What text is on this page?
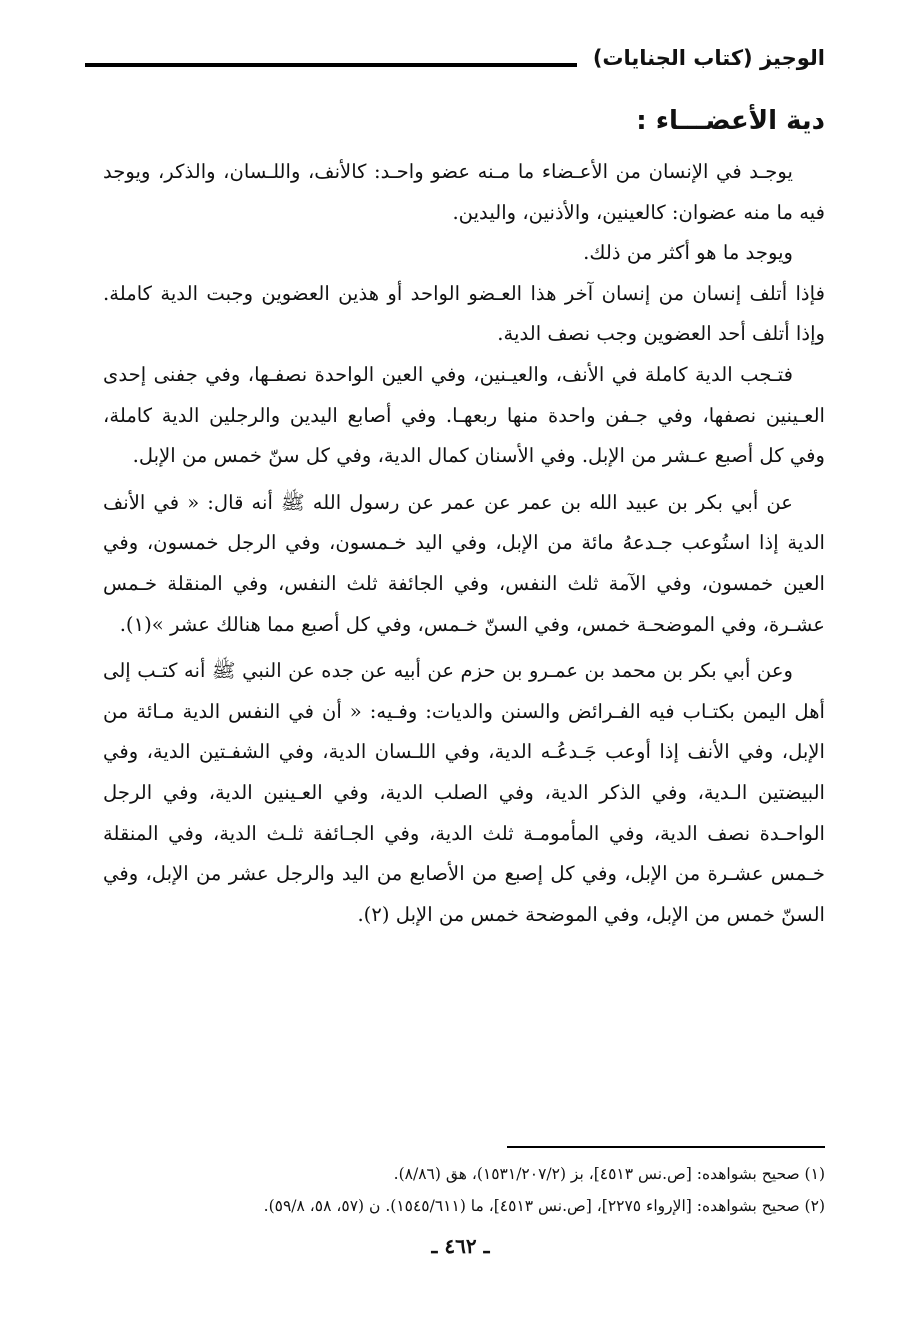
الوجيز (كتاب الجنايات)
دية الأعضـــاء :

يوجـد في الإنسان من الأعـضاء ما مـنه عضو واحـد: كالأنف، واللـسان، والذكر، ويوجد فيه ما منه عضوان: كالعينين، والأذنين، واليدين.

ويوجد ما هو أكثر من ذلك.

فإذا أتلف إنسان من إنسان آخر هذا العـضو الواحد أو هذين العضوين وجبت الدية كاملة. وإذا أتلف أحد العضوين وجب نصف الدية.

فتـجب الدية كاملة في الأنف، والعيـنين، وفي العين الواحدة نصفـها، وفي جفنى إحدى العـينين نصفها، وفي جـفن واحدة منها ربعهـا. وفي أصابع اليدين والرجلين الدية كاملة، وفي كل أصبع عـشر من الإبل. وفي الأسنان كمال الدية، وفي كل سنّ خمس من الإبل.

عن أبي بكر بن عبيد الله بن عمر عن عمر عن رسول الله ﷺ أنه قال: « في الأنف الدية إذا استُوعب جـدعهُ مائة من الإبل، وفي اليد خـمسون، وفي الرجل خمسون، وفي العين خمسون، وفي الآمة ثلث النفس، وفي الجائفة ثلث النفس، وفي المنقلة خـمس عشـرة، وفي الموضحـة خمس، وفي السنّ خـمس، وفي كل أصبع مما هنالك عشر »(١).

وعن أبي بكر بن محمد بن عمـرو بن حزم عن أبيه عن جده عن النبي ﷺ أنه كتـب إلى أهل اليمن بكتـاب فيه الفـرائض والسنن والديات: وفـيه: « أن في النفس الدية مـائة من الإبل، وفي الأنف إذا أوعب جَـدعُـه الدية، وفي اللـسان الدية، وفي الشفـتين الدية، وفي البيضتين الـدية، وفي الذكر الدية، وفي الصلب الدية، وفي العـينين الدية، وفي الرجل الواحـدة نصف الدية، وفي المأمومـة ثلث الدية، وفي الجـائفة ثلـث الدية، وفي المنقلة خـمس عشـرة من الإبل، وفي كل إصبع من الأصابع من اليد والرجل عشر من الإبل، وفي السنّ خمس من الإبل، وفي الموضحة خمس من الإبل (٢).

(١) صحيح بشواهده: [ص.نس ٤٥١٣]، بز (١٥٣١/٢٠٧/٢)، هق (٨/٨٦).

(٢) صحيح بشواهده: [الإرواء ٢٢٧٥]، [ص.نس ٤٥١٣]، ما (١٥٤٥/٦١١). ن (٥٧، ٥٨، ٥٩/٨).

ـ ٤٦٢ ـ
